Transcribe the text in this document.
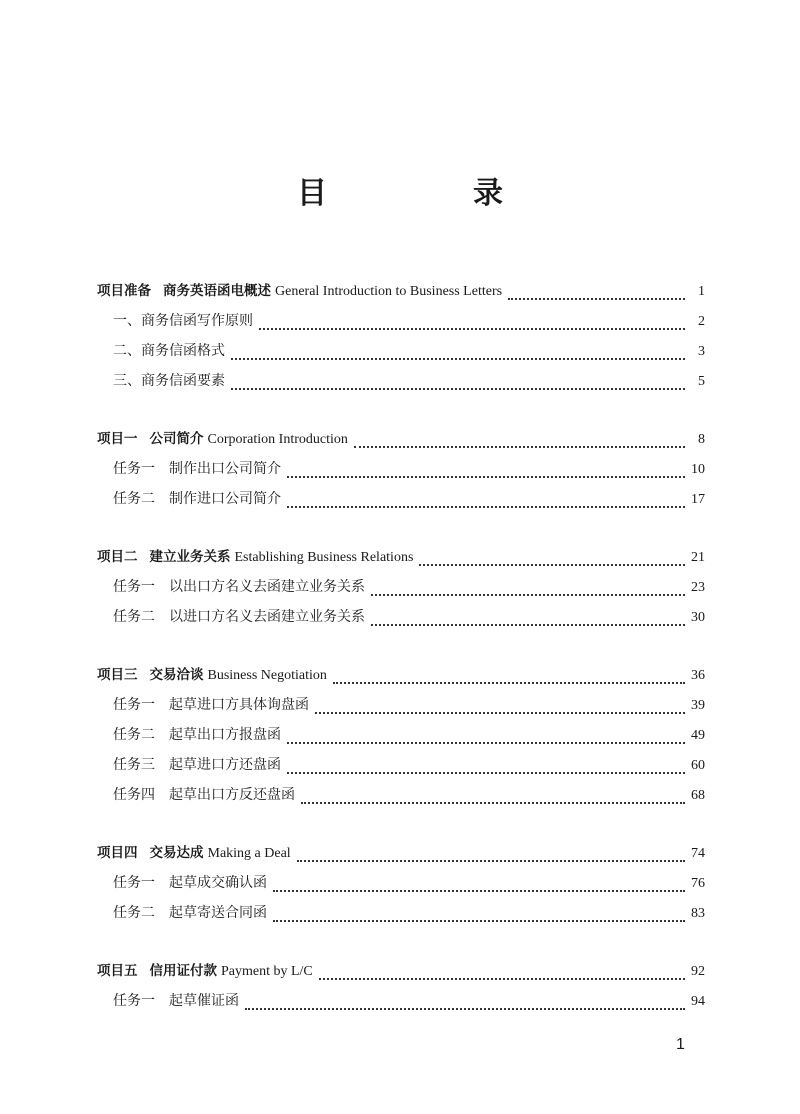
目　录
项目准备 商务英语函电概述 General Introduction to Business Letters	1
一、商务信函写作原则	2
二、商务信函格式	3
三、商务信函要素	5
项目一 公司简介 Corporation Introduction	8
任务一 制作出口公司简介	10
任务二 制作进口公司简介	17
项目二 建立业务关系 Establishing Business Relations	21
任务一 以出口方名义去函建立业务关系	23
任务二 以进口方名义去函建立业务关系	30
项目三 交易洽谈 Business Negotiation	36
任务一 起草进口方具体询盘函	39
任务二 起草出口方报盘函	49
任务三 起草进口方还盘函	60
任务四 起草出口方反还盘函	68
项目四 交易达成 Making a Deal	74
任务一 起草成交确认函	76
任务二 起草寄送合同函	83
项目五 信用证付款 Payment by L/C	92
任务一 起草催证函	94
1
